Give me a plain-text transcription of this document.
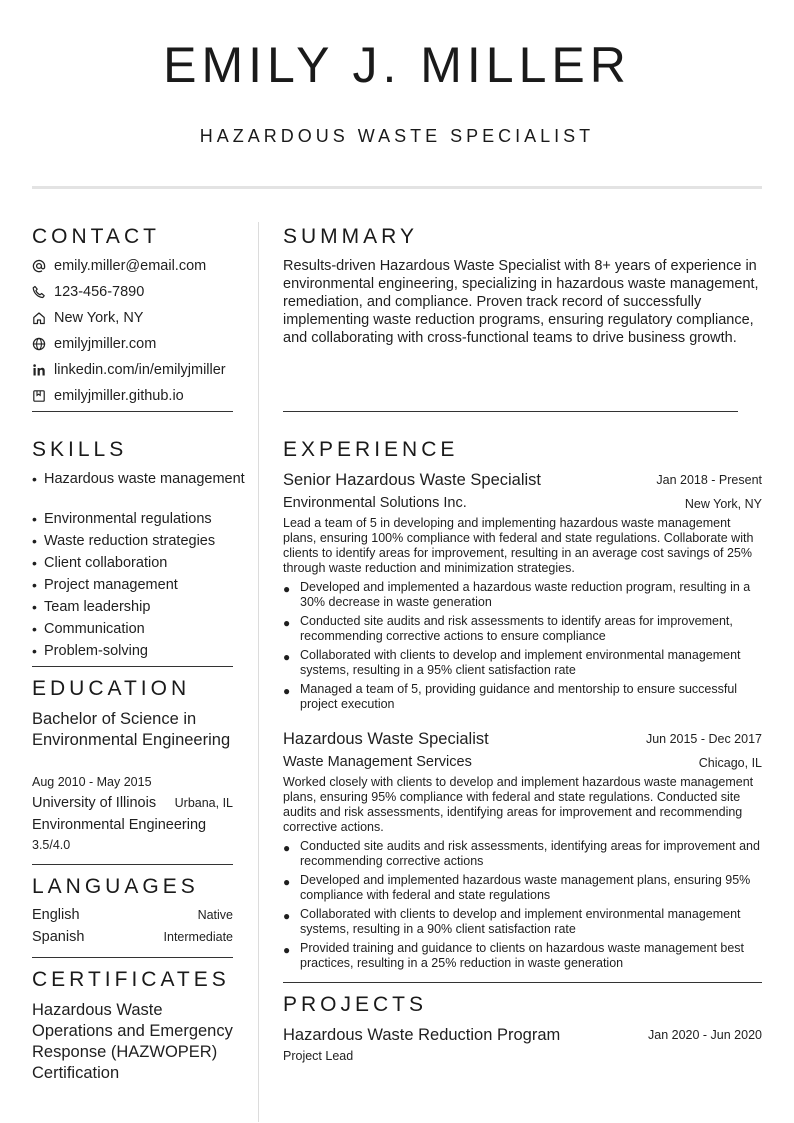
EMILY J. MILLER
HAZARDOUS WASTE SPECIALIST
CONTACT
emily.miller@email.com
123-456-7890
New York, NY
emilyjmiller.com
linkedin.com/in/emilyjmiller
emilyjmiller.github.io
SKILLS
• Hazardous waste management
• Environmental regulations
• Waste reduction strategies
• Client collaboration
• Project management
• Team leadership
• Communication
• Problem-solving
EDUCATION
Bachelor of Science in Environmental Engineering
Aug 2010 - May 2015
University of Illinois	Urbana, IL
Environmental Engineering
3.5/4.0
LANGUAGES
English	Native
Spanish	Intermediate
CERTIFICATES
Hazardous Waste Operations and Emergency Response (HAZWOPER) Certification
SUMMARY
Results-driven Hazardous Waste Specialist with 8+ years of experience in environmental engineering, specializing in hazardous waste management, remediation, and compliance. Proven track record of successfully implementing waste reduction programs, ensuring regulatory compliance, and collaborating with cross-functional teams to drive business growth.
EXPERIENCE
Senior Hazardous Waste Specialist	Jan 2018 - Present
Environmental Solutions Inc.	New York, NY
Lead a team of 5 in developing and implementing hazardous waste management plans, ensuring 100% compliance with federal and state regulations. Collaborate with clients to identify areas for improvement, resulting in an average cost savings of 25% through waste reduction and minimization strategies.
● Developed and implemented a hazardous waste reduction program, resulting in a 30% decrease in waste generation
● Conducted site audits and risk assessments to identify areas for improvement, recommending corrective actions to ensure compliance
● Collaborated with clients to develop and implement environmental management systems, resulting in a 95% client satisfaction rate
● Managed a team of 5, providing guidance and mentorship to ensure successful project execution
Hazardous Waste Specialist	Jun 2015 - Dec 2017
Waste Management Services	Chicago, IL
Worked closely with clients to develop and implement hazardous waste management plans, ensuring 95% compliance with federal and state regulations. Conducted site audits and risk assessments, identifying areas for improvement and recommending corrective actions.
● Conducted site audits and risk assessments, identifying areas for improvement and recommending corrective actions
● Developed and implemented hazardous waste management plans, ensuring 95% compliance with federal and state regulations
● Collaborated with clients to develop and implement environmental management systems, resulting in a 90% client satisfaction rate
● Provided training and guidance to clients on hazardous waste management best practices, resulting in a 25% reduction in waste generation
PROJECTS
Hazardous Waste Reduction Program	Jan 2020 - Jun 2020
Project Lead
